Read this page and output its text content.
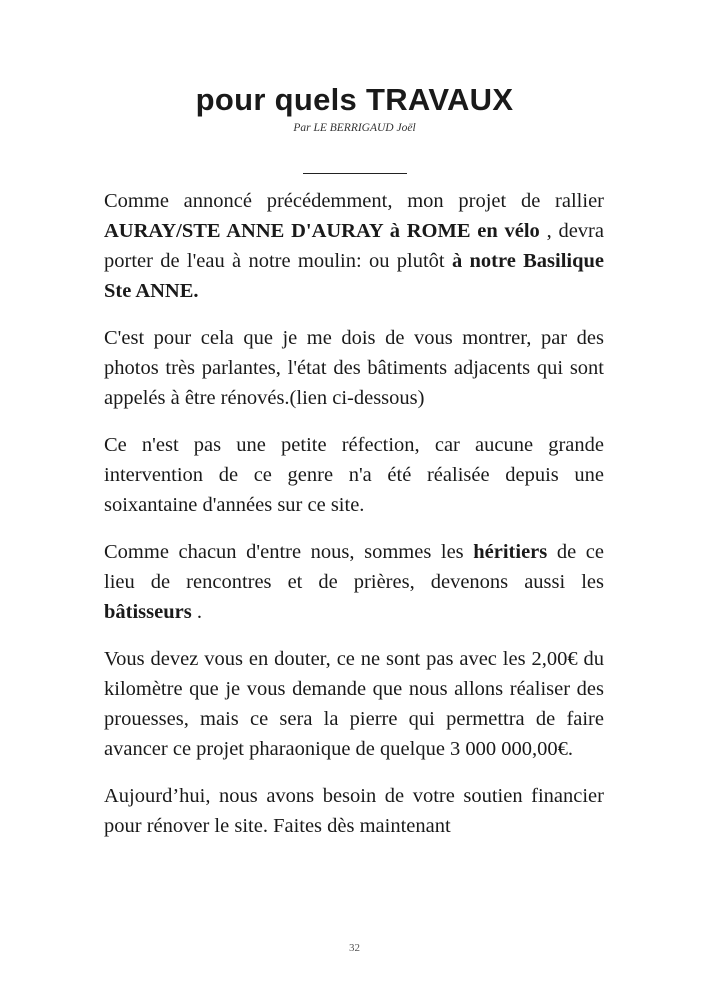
pour quels TRAVAUX
Par LE BERRIGAUD Joël

Comme annoncé précédemment, mon projet de rallier AURAY/STE ANNE D'AURAY à ROME en vélo , devra porter de l'eau à notre moulin: ou plutôt à notre Basilique Ste ANNE.

C'est pour cela que je me dois de vous montrer, par des photos très parlantes, l'état des bâtiments adjacents qui sont appelés à être rénovés.(lien ci-dessous)

Ce n'est pas une petite réfection, car aucune grande intervention de ce genre n'a été réalisée depuis une soixantaine d'années sur ce site.

Comme chacun d'entre nous, sommes les héritiers de ce lieu de rencontres et de prières, devenons aussi les bâtisseurs .

Vous devez vous en douter, ce ne sont pas avec les 2,00€ du kilomètre que je vous demande que nous allons réaliser des prouesses, mais ce sera la pierre qui permettra de faire avancer ce projet pharaonique de quelque 3 000 000,00€.

Aujourd’hui, nous avons besoin de votre soutien financier pour rénover le site. Faites dès maintenant

32
